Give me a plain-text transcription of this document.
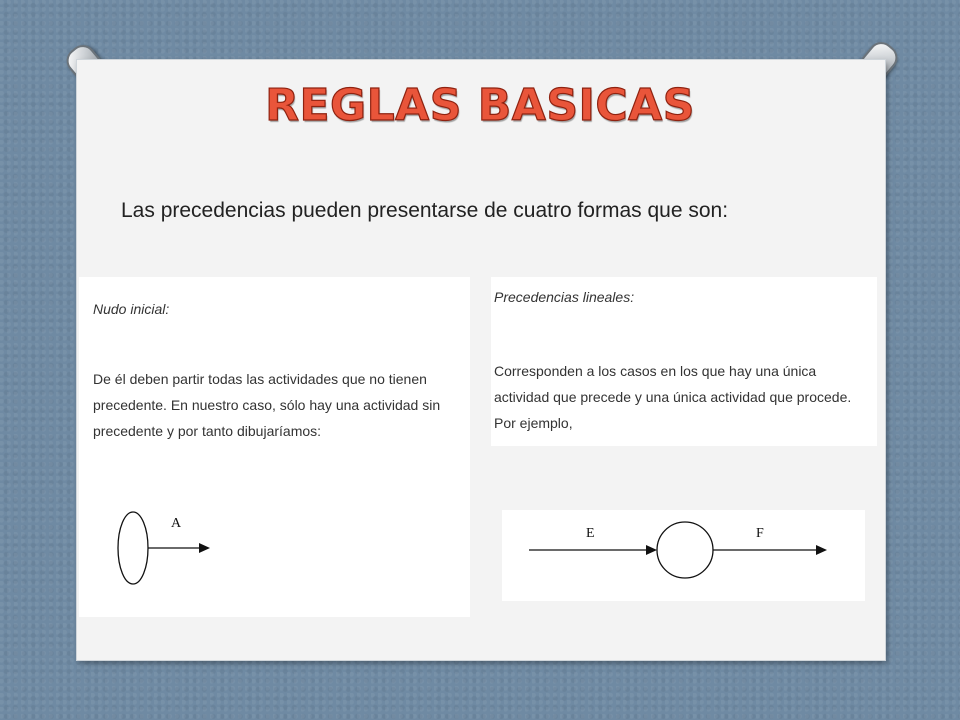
REGLAS BASICAS

Las precedencias pueden presentarse de cuatro formas que son:

Nudo inicial:

De él deben partir todas las actividades que no tienen precedente. En nuestro caso, sólo hay una actividad sin precedente y por tanto dibujaríamos:

A
Precedencias lineales:

Corresponden a los casos en los que hay una única actividad que precede y una única actividad que procede. Por ejemplo,

E	F
